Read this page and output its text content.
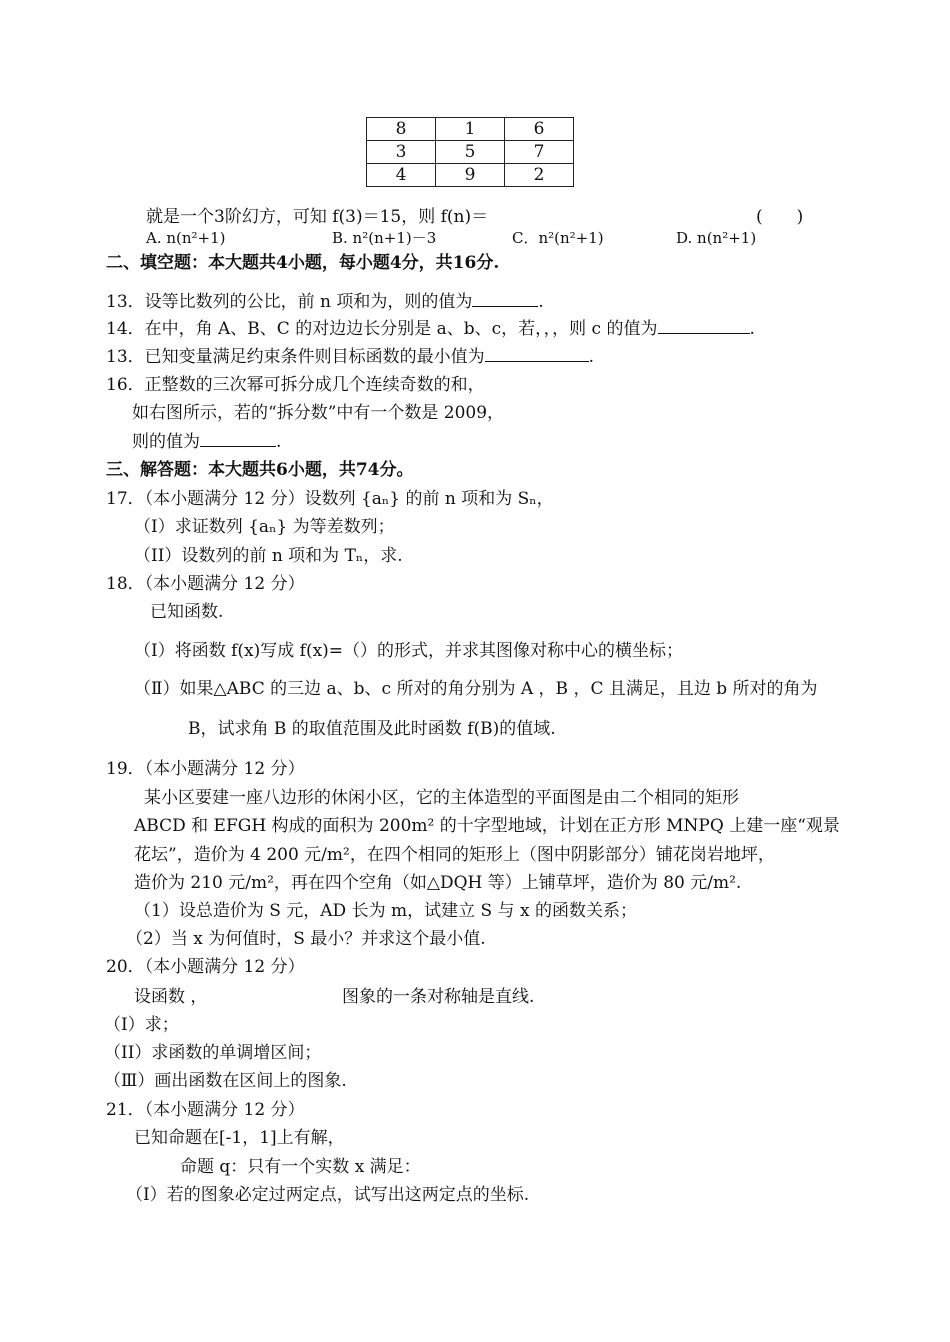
8	1	6
3	5	7
4	9	2
就是一个3阶幻方，可知 f(3)＝15，则 f(n)＝	(　　)
A. n(n²+1)	B. n²(n+1)－3	C．n²(n²+1)	D. n(n²+1)
二、填空题：本大题共4小题，每小题4分，共16分.
13．设等比数列的公比，前 n 项和为，则的值为	.
14．在中，角 A、B、C 的对边边长分别是 a、b、c，若，，，则 c 的值为	.
13．已知变量满足约束条件则目标函数的最小值为	.
16．正整数的三次幂可拆分成几个连续奇数的和，
如右图所示，若的“拆分数”中有一个数是 2009，
则的值为	.
三、解答题：本大题共6小题，共74分。
17．（本小题满分 12 分）设数列 {aₙ} 的前 n 项和为 Sₙ，
（I）求证数列 {aₙ} 为等差数列；
（II）设数列的前 n 项和为 Tₙ，求.
18．（本小题满分 12 分）
已知函数.
（I）将函数 f(x)写成 f(x)=（）的形式，并求其图像对称中心的横坐标；
（Ⅱ）如果△ABC 的三边 a、b、c 所对的角分别为 A ，B ，C 且满足，且边 b 所对的角为
B，试求角 B 的取值范围及此时函数 f(B)的值域.
19．（本小题满分 12 分）
某小区要建一座八边形的休闲小区，它的主体造型的平面图是由二个相同的矩形
ABCD 和 EFGH 构成的面积为 200m² 的十字型地域，计划在正方形 MNPQ 上建一座“观景
花坛”，造价为 4 200 元/m²，在四个相同的矩形上（图中阴影部分）铺花岗岩地坪，
造价为 210 元/m²，再在四个空角（如△DQH 等）上铺草坪，造价为 80 元/m².
（1）设总造价为 S 元，AD 长为 m，试建立 S 与 x 的函数关系；
（2）当 x 为何值时，S 最小？并求这个最小值.
20．（本小题满分 12 分）
设函数 ，	图象的一条对称轴是直线.
（I）求；
（II）求函数的单调增区间；
（Ⅲ）画出函数在区间上的图象.
21．（本小题满分 12 分）
已知命题在[-1，1]上有解，
命题 q：只有一个实数 x 满足：
（I）若的图象必定过两定点，试写出这两定点的坐标.
